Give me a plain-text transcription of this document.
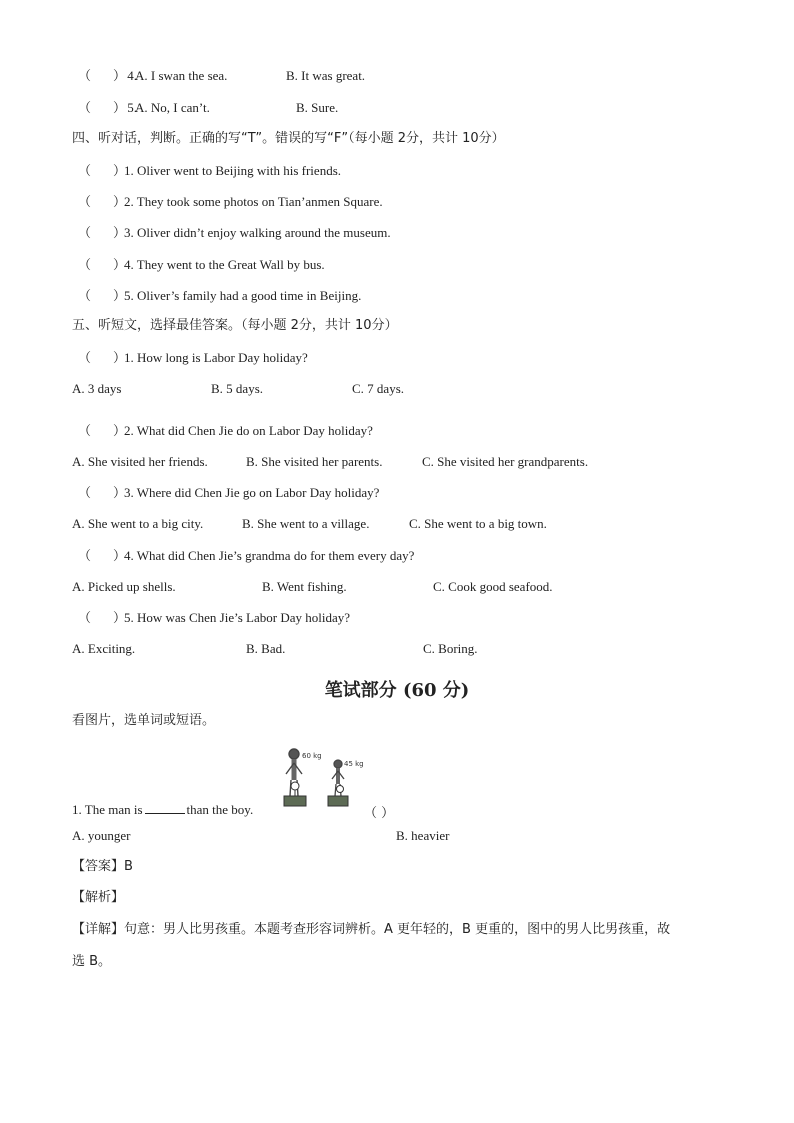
（ ） 4.
A. I swan the sea.	B. It was great.
（ ） 5.
A. No, I can’t.	B. Sure.
四、听对话，判断。正确的写“T”。错误的写“F”（每小题 2分，共计 10分）
（ ）1. Oliver went to Beijing with his friends.
（ ）2. They took some photos on Tian’anmen Square.
（ ）3. Oliver didn’t enjoy walking around the museum.
（ ）4. They went to the Great Wall by bus.
（ ）5. Oliver’s family had a good time in Beijing.
五、听短文，选择最佳答案。（每小题 2分，共计 10分）
（ ）1. How long is Labor Day holiday?
A. 3 days	B. 5 days.	C. 7 days.
（ ）2. What did Chen Jie do on Labor Day holiday?
A. She visited her friends.	B. She visited her parents.	C. She visited her grandparents.
（ ）3. Where did Chen Jie go on Labor Day holiday?
A. She went to a big city.	B. She went to a village.	C. She went to a big town.
（ ）4. What did Chen Jie’s grandma do for them every day?
A. Picked up shells.	B. Went fishing.	C. Cook good seafood.
（ ）5. How was Chen Jie’s Labor Day holiday?
A. Exciting.	B. Bad.	C. Boring.
笔试部分 (60 分)
看图片，选单词或短语。
60 kg
45 kg
1. The man is	than the boy.	（ ）
A. younger	B. heavier
【答案】B
【解析】
【详解】句意：男人比男孩重。本题考查形容词辨析。A 更年轻的，B 更重的，图中的男人比男孩重，故
选 B。
